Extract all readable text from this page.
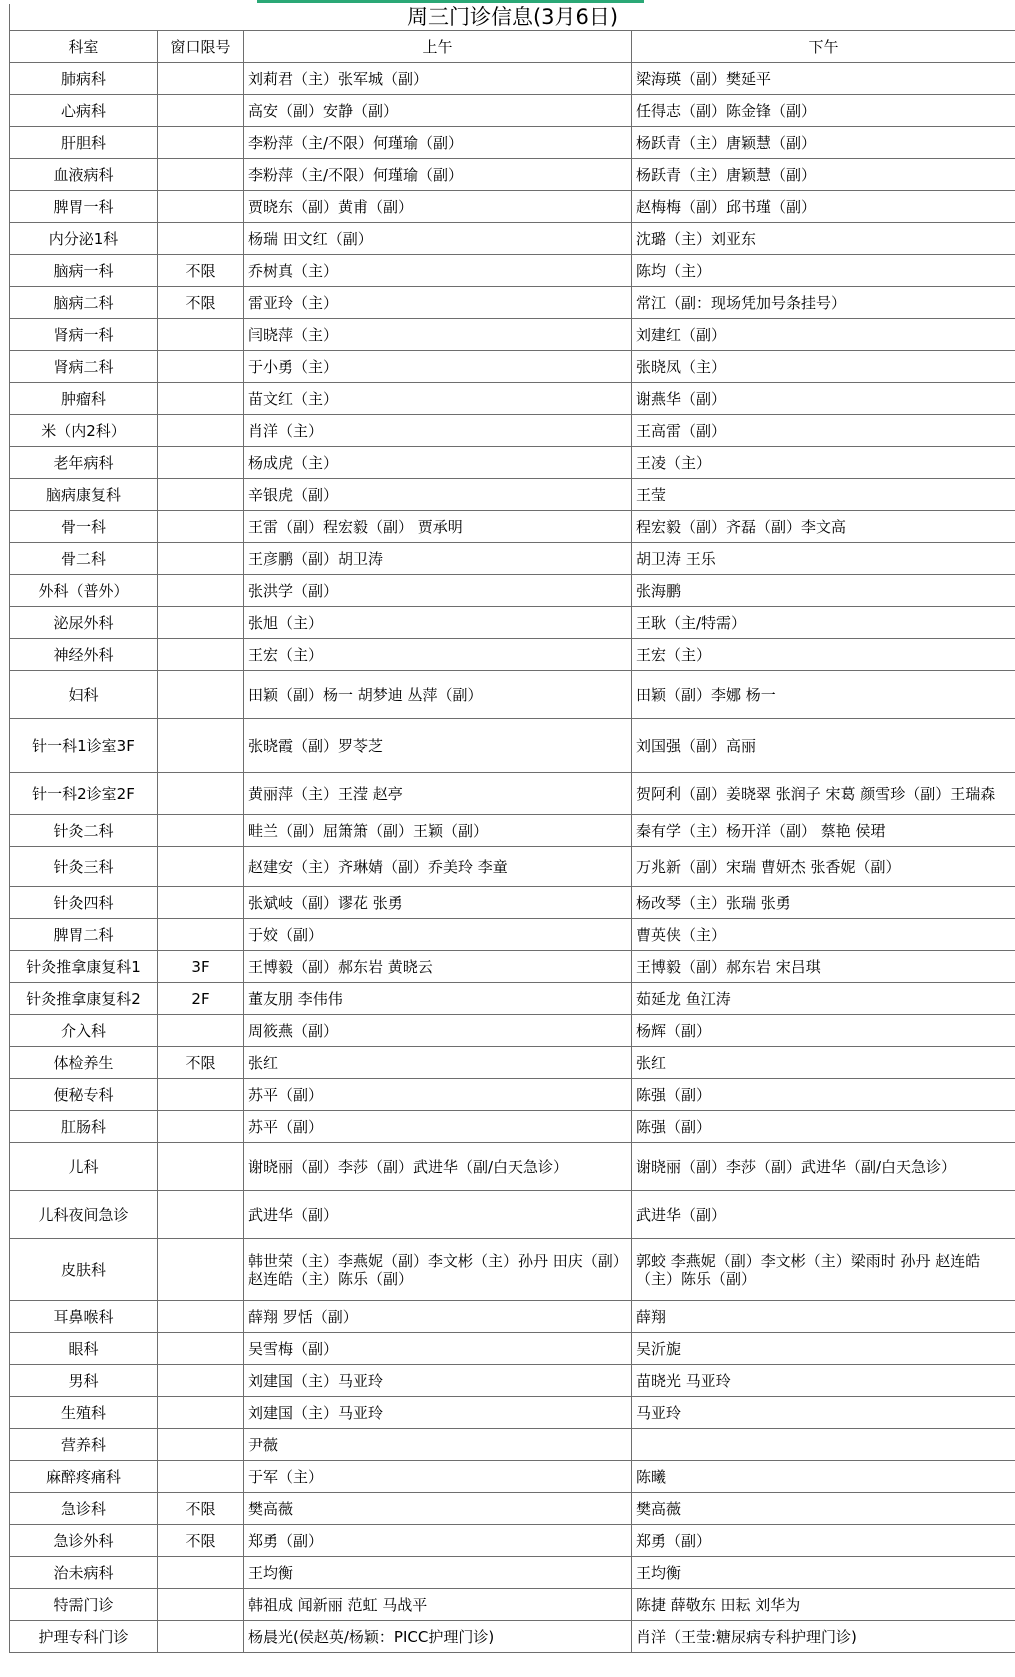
周三门诊信息(3月6日)			
科室	窗口限号	上午	下午
肺病科		刘莉君（主）张军城（副）	梁海瑛（副）樊延平
心病科		高安（副）安静（副）	任得志（副）陈金锋（副）
肝胆科		李粉萍（主/不限）何瑾瑜（副）	杨跃青（主）唐颖慧（副）
血液病科		李粉萍（主/不限）何瑾瑜（副）	杨跃青（主）唐颖慧（副）
脾胃一科		贾晓东（副）黄甫（副）	赵梅梅（副）邱书瑾（副）
内分泌1科		杨瑞 田文红（副）	沈璐（主）刘亚东
脑病一科	不限	乔树真（主）	陈均（主）
脑病二科	不限	雷亚玲（主）	常江（副：现场凭加号条挂号）
肾病一科		闫晓萍（主）	刘建红（副）
肾病二科		于小勇（主）	张晓凤（主）
肿瘤科		苗文红（主）	谢燕华（副）
米（内2科）		肖洋（主）	王高雷（副）
老年病科		杨成虎（主）	王凌（主）
脑病康复科		辛银虎（副）	王莹
骨一科		王雷（副）程宏毅（副） 贾承明	程宏毅（副）齐磊（副）李文高
骨二科		王彦鹏（副）胡卫涛	胡卫涛 王乐
外科（普外）		张洪学（副）	张海鹏
泌尿外科		张旭（主）	王耿（主/特需）
神经外科		王宏（主）	王宏（主）
妇科		田颖（副）杨一 胡梦迪 丛萍（副）	田颖（副）李娜 杨一
针一科1诊室3F		张晓霞（副）罗苓芝	刘国强（副）高丽
针一科2诊室2F		黄丽萍（主）王滢 赵亭	贺阿利（副）姜晓翠 张润子 宋葛 颜雪珍（副）王瑞森
针灸二科		畦兰（副）屈箫箫（副）王颖（副）	秦有学（主）杨开洋（副） 蔡艳 侯珺
针灸三科		赵建安（主）齐琳婧（副）乔美玲 李童	万兆新（副）宋瑞 曹妍杰 张香妮（副）
针灸四科		张斌岐（副）谬花 张勇	杨改琴（主）张瑞 张勇
脾胃二科		于姣（副）	曹英侠（主）
针灸推拿康复科1	3F	王博毅（副）郝东岩 黄晓云	王博毅（副）郝东岩 宋吕琪
针灸推拿康复科2	2F	董友朋 李伟伟	茹延龙 鱼江涛
介入科		周筱燕（副）	杨辉（副）
体检养生	不限	张红	张红
便秘专科		苏平（副）	陈强（副）
肛肠科		苏平（副）	陈强（副）
儿科		谢晓丽（副）李莎（副）武进华（副/白天急诊）	谢晓丽（副）李莎（副）武进华（副/白天急诊）
儿科夜间急诊		武进华（副）	武进华（副）
皮肤科		韩世荣（主）李燕妮（副）李文彬（主）孙丹 田庆（副）赵连皓（主）陈乐（副）	郭蛟 李燕妮（副）李文彬（主）梁雨时 孙丹 赵连皓（主）陈乐（副）
耳鼻喉科		薛翔 罗恬（副）	薛翔
眼科		吴雪梅（副）	吴沂旎
男科		刘建国（主）马亚玲	苗晓光 马亚玲
生殖科		刘建国（主）马亚玲	马亚玲
营养科		尹薇	
麻醉疼痛科		于军（主）	陈曦
急诊科	不限	樊高薇	樊高薇
急诊外科	不限	郑勇（副）	郑勇（副）
治未病科		王均衡	王均衡
特需门诊		韩祖成 闻新丽 范虹 马战平	陈捷 薛敬东 田耘 刘华为
护理专科门诊		杨晨光(侯赵英/杨颖：PICC护理门诊)	肖洋（王莹:糖尿病专科护理门诊)
